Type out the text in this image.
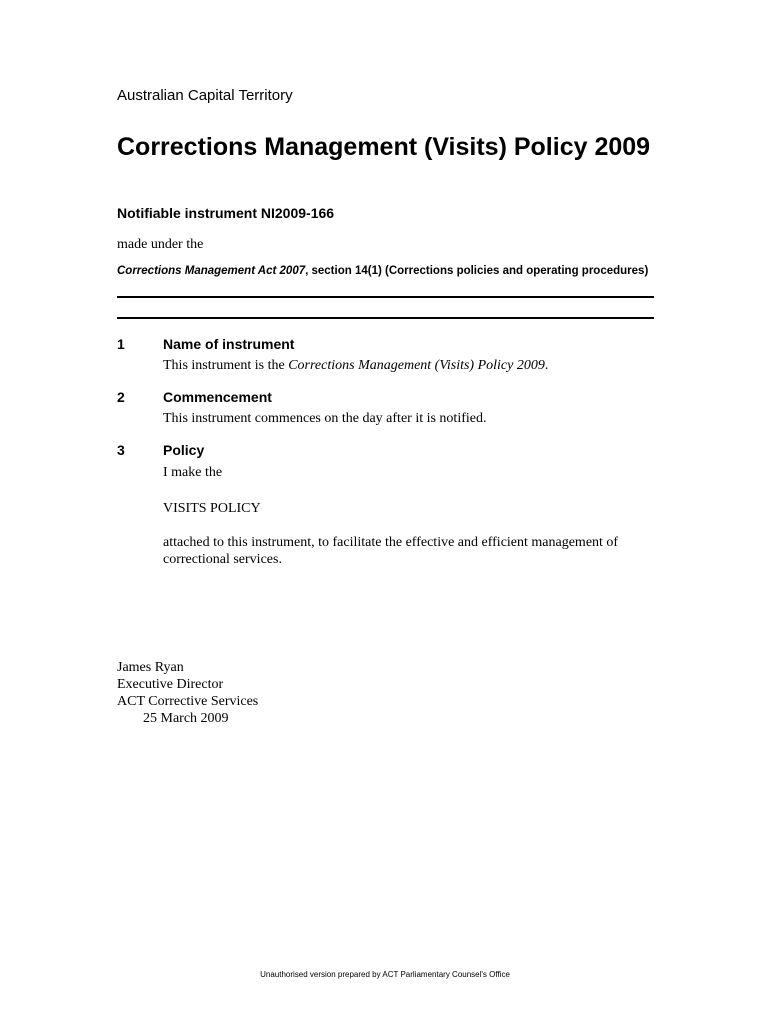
Australian Capital Territory
Corrections Management (Visits) Policy 2009
Notifiable instrument NI2009-166
made under the
Corrections Management Act 2007, section 14(1) (Corrections policies and operating procedures)
1	Name of instrument
This instrument is the Corrections Management (Visits) Policy 2009.
2	Commencement
This instrument commences on the day after it is notified.
3	Policy
I make the
VISITS POLICY
attached to this instrument, to facilitate the effective and efficient management of correctional services.
James Ryan
Executive Director
ACT Corrective Services
25 March 2009
Unauthorised version prepared by ACT Parliamentary Counsel's Office
